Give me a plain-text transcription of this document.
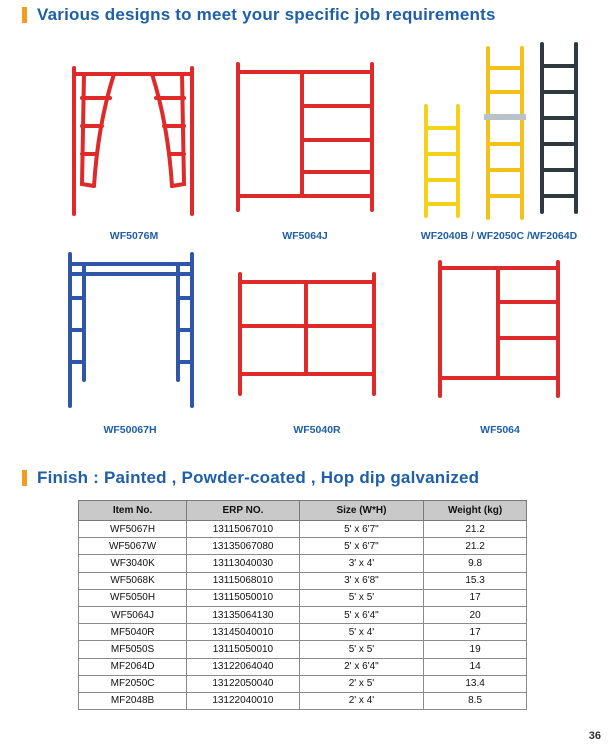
Various designs to meet your specific job requirements
WF5076M	WF5064J	WF2040B / WF2050C /WF2064D
WF50067H	WF5040R	WF5064
Finish : Painted , Powder-coated , Hop dip galvanized
Item No.	ERP NO.	Size (W*H)	Weight (kg)
WF5067H	13115067010	5' x 6'7"	21.2
WF5067W	13135067080	5' x 6'7"	21.2
WF3040K	13113040030	3' x 4'	9.8
WF5068K	13115068010	3' x 6'8"	15.3
WF5050H	13115050010	5' x 5'	17
WF5064J	13135064130	5' x 6'4"	20
MF5040R	13145040010	5' x 4'	17
MF5050S	13115050010	5' x 5'	19
MF2064D	13122064040	2' x 6'4"	14
MF2050C	13122050040	2' x 5'	13.4
MF2048B	13122040010	2' x 4'	8.5
36
